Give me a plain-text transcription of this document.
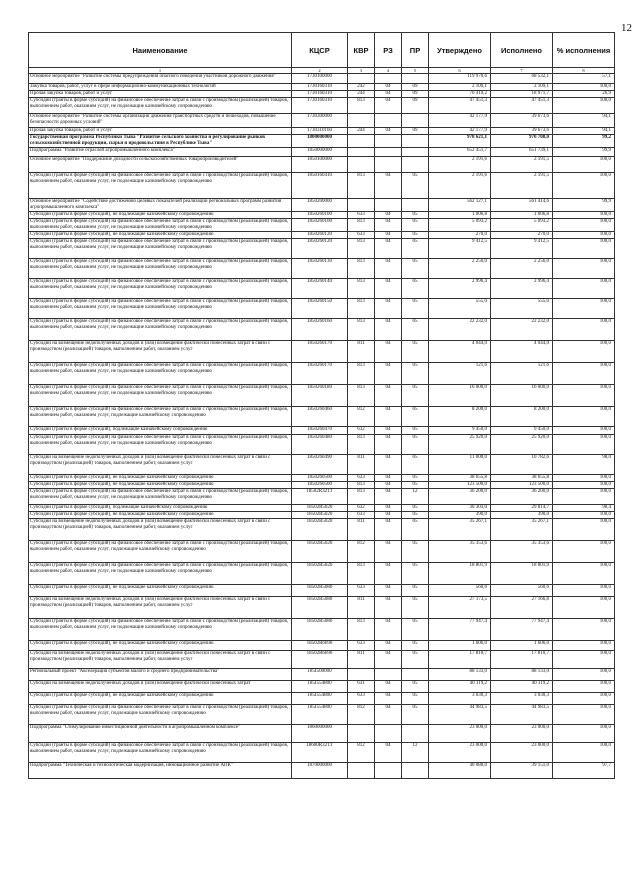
12
Наименование	КЦСР	КВР	РЗ	ПР	Утверждено	Исполнено	% исполнения
1	2	3	4	5	6	7	8
Основное мероприятие "Развитие системы предупреждения опасного поведения участников дорожного движения"	1730100000				119 970,6	68 532,1	57,1
Закупка товаров, работ, услуг в сфере информационно-коммуникационных технологий	1730160310	242	04	09	2 109,1	2 109,1	100,0
Прочая закупка товаров, работ и услуг	1730160310	244	04	09	70 410,2	18 971,7	26,9
Субсидии (гранты в форме субсидий) на финансовое обеспечение затрат в связи с производством (реализацией) товаров, выполнением работ, оказанием услуг, не подлежащие казначейскому сопровождению	1730160310	813	04	09	47 451,3	47 451,3	100,0
Основное мероприятие "Развитие системы организации движения транспортных средств и пешеходов, повышение безопасности дорожных условий"	1730300000				42 177,9	39 673,6	94,1
Прочая закупка товаров, работ и услуг	1730310160	244	04	09	42 177,9	39 673,6	94,1
Государственная программа Республики Тыва "Развитие сельского хозяйства и регулирование рынков сельскохозяйственной продукции, сырья и продовольствия в Республике Тыва"	1800000000				978 621,1	970 708,0	99,2
Подпрограмма "Развитие отраслей агропромышленного комплекса"	1850000000				652 451,7	651 739,1	99,9
Основное мероприятие "Поддержание доходности сельскохозяйственных товаропроизводителей"	1850100000				2 191,6	2 191,5	100,0
Субсидии (гранты в форме субсидий) на финансовое обеспечение затрат в связи с производством (реализацией) товаров, выполнением работ, оказанием услуг, не подлежащие казначейскому сопровождению	1850160410	813	04	05	2 191,6	2 191,5	100,0
Основное мероприятие "Содействие достижению целевых показателей реализации региональных программ развития агропромышленного комплекса"	1850200000				562 127,1	561 414,6	99,9
Субсидии (гранты в форме субсидий), не подлежащие казначейскому сопровождению	1850260100	633	04	05	1 006,8	1 006,8	100,0
Субсидии (гранты в форме субсидий) на финансовое обеспечение затрат в связи с производством (реализацией) товаров, выполнением работ, оказанием услуг, не подлежащие казначейскому сопровождению	1850260100	813	04	05	5 093,2	5 093,2	100,0
Субсидии (гранты в форме субсидий), не подлежащие казначейскому сопровождению	1850260120	633	04	05	270,0	270,0	100,0
Субсидии (гранты в форме субсидий) на финансовое обеспечение затрат в связи с производством (реализацией) товаров, выполнением работ, оказанием услуг, не подлежащие казначейскому сопровождению	1850260120	813	04	05	9 412,5	9 412,5	100,0
Субсидии (гранты в форме субсидий) на финансовое обеспечение затрат в связи с производством (реализацией) товаров, выполнением работ, оказанием услуг, не подлежащие казначейскому сопровождению	1850260130	813	04	05	2 256,0	2 256,0	100,0
Субсидии (гранты в форме субсидий) на финансовое обеспечение затрат в связи с производством (реализацией) товаров, выполнением работ, оказанием услуг, не подлежащие казначейскому сопровождению	1850260140	813	04	05	2 996,4	2 996,4	100,0
Субсидии (гранты в форме субсидий) на финансовое обеспечение затрат в связи с производством (реализацией) товаров, выполнением работ, оказанием услуг, не подлежащие казначейскому сопровождению	1850260150	813	04	05	555,0	555,0	100,0
Субсидии (гранты в форме субсидий) на финансовое обеспечение затрат в связи с производством (реализацией) товаров, выполнением работ, оказанием услуг, не подлежащие казначейскому сопровождению	1850260160	813	04	05	22 232,0	22 232,0	100,0
Субсидии на возмещение недополученных доходов и (или) возмещение фактически понесенных затрат в связи с производством (реализацией) товаров, выполнением работ, оказанием услуг	1850260170	811	04	05	4 044,0	4 044,0	100,0
Субсидии (гранты в форме субсидий) на финансовое обеспечение затрат в связи с производством (реализацией) товаров, выполнением работ, оказанием услуг, не подлежащие казначейскому сопровождению	1850260170	813	04	05	121,6	121,6	100,0
Субсидии (гранты в форме субсидий) на финансовое обеспечение затрат в связи с производством (реализацией) товаров, выполнением работ, оказанием услуг, не подлежащие казначейскому сопровождению	1850260180	813	04	05	16 000,0	16 000,0	100,0
Субсидии (гранты в форме субсидий) на финансовое обеспечение затрат в связи с производством (реализацией) товаров, выполнением работ, оказанием услуг, подлежащие казначейскому сопровождению	1850260460	812	04	05	8 200,0	8 200,0	100,0
Субсидии (гранты в форме субсидий), подлежащие казначейскому сопровождению	1850260470	632	04	05	9 450,0	9 450,0	100,0
Субсидии (гранты в форме субсидий) на финансовое обеспечение затрат в связи с производством (реализацией) товаров, выполнением работ, оказанием услуг, не подлежащие казначейскому сопровождению	1850260480	813	04	05	25 920,0	25 920,0	100,0
Субсидии на возмещение недополученных доходов и (или) возмещение фактически понесенных затрат в связи с производством (реализацией) товаров, выполнением работ, оказанием услуг	1850260490	811	04	05	11 000,0	10 782,6	98,0
Субсидии (гранты в форме субсидий), не подлежащие казначейскому сопровождению	1850260500	633	04	05	38 655,8	38 655,8	100,0
Субсидии (гранты в форме субсидий), не подлежащие казначейскому сопровождению	1850260500	813	04	05	123 500,0	123 500,0	100,0
Субсидии (гранты в форме субсидий) на финансовое обеспечение затрат в связи с производством (реализацией) товаров, выполнением работ, оказанием услуг, не подлежащие казначейскому сопровождению	18502R321T	813	04	12	36 200,0	36 200,0	100,0
Субсидии (гранты в форме субсидий), подлежащие казначейскому сопровождению	18502R5020	632	04	05	30 303,0	29 814,7	98,4
Субсидии (гранты в форме субсидий), не подлежащие казначейскому сопровождению	18502R5020	633	04	05	390,0	390,0	100,0
Субсидии на возмещение недополученных доходов и (или) возмещение фактически понесенных затрат в связи с производством (реализацией) товаров, выполнением работ, оказанием услуг	18502R5020	811	04	05	35 267,1	35 267,1	100,0
Субсидии (гранты в форме субсидий) на финансовое обеспечение затрат в связи с производством (реализацией) товаров, выполнением работ, оказанием услуг, подлежащие казначейскому сопровождению	18502R5020	812	04	05	35 353,6	35 353,6	100,0
Субсидии (гранты в форме субсидий) на финансовое обеспечение затрат в связи с производством (реализацией) товаров, выполнением работ, оказанием услуг, не подлежащие казначейскому сопровождению	18502R5020	813	04	05	18 801,9	18 801,9	100,0
Субсидии (гранты в форме субсидий), не подлежащие казначейскому сопровождению	18502R5080	633	04	05	560,6	560,6	100,0
Субсидии на возмещение недополученных доходов и (или) возмещение фактически понесенных затрат в связи с производством (реализацией) товаров, выполнением работ, оказанием услуг	18502R5080	811	04	05	27 173,5	27 166,8	100,0
Субсидии (гранты в форме субсидий) на финансовое обеспечение затрат в связи с производством (реализацией) товаров, выполнением работ, оказанием услуг, не подлежащие казначейскому сопровождению	18502R5080	813	04	05	77 947,4	77 947,4	100,0
Субсидии (гранты в форме субсидий), не подлежащие казначейскому сопровождению	18502R6690	633	04	05	1 606,0	1 606,0	100,0
Субсидии на возмещение недополученных доходов и (или) возмещение фактически понесенных затрат в связи с производством (реализацией) товаров, выполнением работ, оказанием услуг	18502R6690	811	04	05	17 810,7	17 810,7	100,0
Региональный проект "Акселерация субъектов малого и среднего предпринимательства"	185I500000				88 133,0	88 133,0	100,0
Субсидии на возмещение недополученных доходов и (или) возмещение фактически понесенных затрат	185I554800	631	04	05	40 119,2	40 119,2	100,0
Субсидии (гранты в форме субсидий), не подлежащие казначейскому сопровождению	185I554800	633	04	05	3 030,3	3 030,3	100,0
Субсидии (гранты в форме субсидий) на финансовое обеспечение затрат в связи с производством (реализацией) товаров, выполнением работ, оказанием услуг, подлежащие казначейскому сопровождению	185I554800	812	04	05	44 983,5	44 983,5	100,0
Подпрограмма "Стимулирование инвестиционной деятельности в агропромышленном комплексе"	1860000000				23 000,0	23 000,0	100,0
Субсидии (гранты в форме субсидий) на финансовое обеспечение затрат в связи с производством (реализацией) товаров, выполнением работ, оказанием услуг, подлежащие казначейскому сопровождению	18600R321T	812	04	12	23 000,0	23 000,0	100,0
Подпрограмма "Техническая и технологическая модернизация, инновационное развитие АПК"	1870000000				40 080,0	39 151,0	97,7
